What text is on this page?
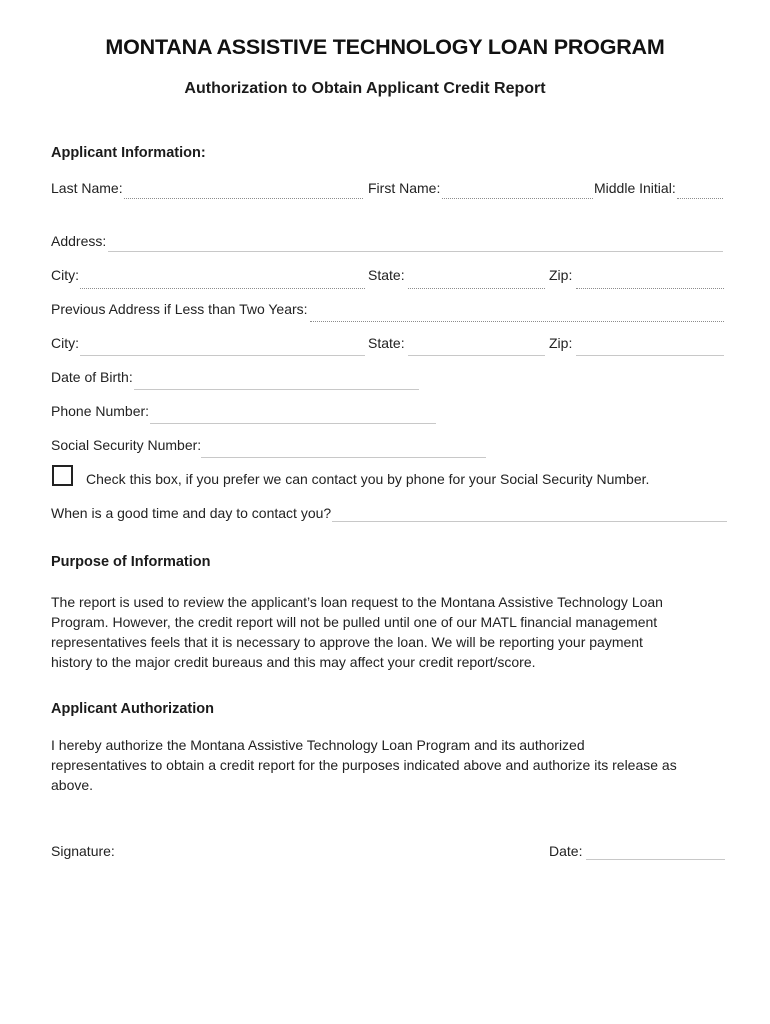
MONTANA ASSISTIVE TECHNOLOGY LOAN PROGRAM
Authorization to Obtain Applicant Credit Report
Applicant Information:
Last Name:	First Name:	Middle Initial:
Address:
City:	State:	Zip:
Previous Address if Less than Two Years:
City:	State:	Zip:
Date of Birth:
Phone Number:
Social Security Number:
Check this box, if you prefer we can contact you by phone for your Social Security Number.
When is a good time and day to contact you?
Purpose of Information
The report is used to review the applicant’s loan request to the Montana Assistive Technology Loan
Program. However, the credit report will not be pulled until one of our MATL financial management
representatives feels that it is necessary to approve the loan. We will be reporting your payment
history to the major credit bureaus and this may affect your credit report/score.
Applicant Authorization
I hereby authorize the Montana Assistive Technology Loan Program and its authorized
representatives to obtain a credit report for the purposes indicated above and authorize its release as
above.
Signature:	Date:
